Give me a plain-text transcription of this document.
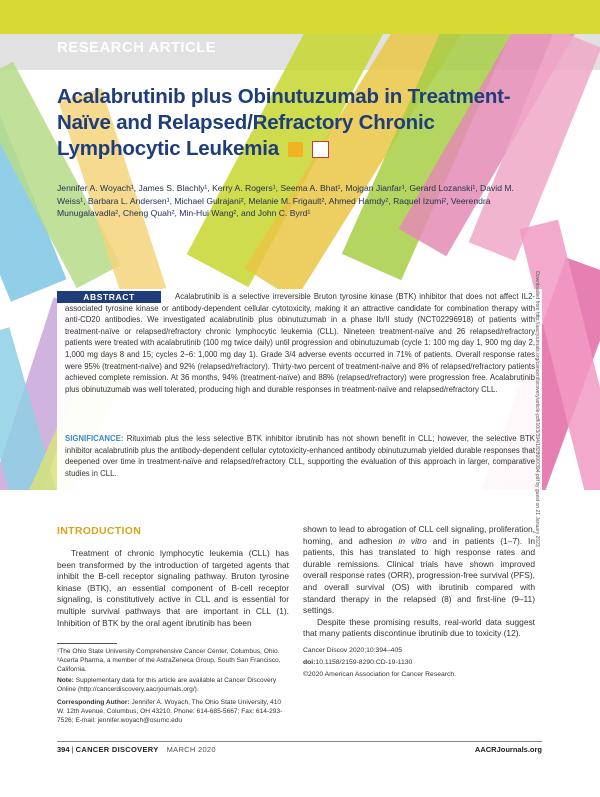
RESEARCH ARTICLE
Acalabrutinib plus Obinutuzumab in Treatment-Naïve and Relapsed/Refractory Chronic Lymphocytic Leukemia
Jennifer A. Woyach¹, James S. Blachly¹, Kerry A. Rogers¹, Seema A. Bhat¹, Mojgan Jianfar¹, Gerard Lozanski¹, David M. Weiss¹, Barbara L. Andersen¹, Michael Gulrajani², Melanie M. Frigault², Ahmed Hamdy², Raquel Izumi², Veerendra Munugalavadla², Cheng Quah², Min-Hui Wang², and John C. Byrd¹
ABSTRACT	Acalabrutinib is a selective irreversible Bruton tyrosine kinase (BTK) inhibitor that does not affect IL2-associated tyrosine kinase or antibody-dependent cellular cytotoxicity, making it an attractive candidate for combination therapy with anti-CD20 antibodies. We investigated acalabrutinib plus obinutuzumab in a phase Ib/II study (NCT02296918) of patients with treatment-naïve or relapsed/refractory chronic lymphocytic leukemia (CLL). Nineteen treatment-naïve and 26 relapsed/refractory patients were treated with acalabrutinib (100 mg twice daily) until progression and obinutuzumab (cycle 1: 100 mg day 1, 900 mg day 2, 1,000 mg days 8 and 15; cycles 2–6: 1,000 mg day 1). Grade 3/4 adverse events occurred in 71% of patients. Overall response rates were 95% (treatment-naïve) and 92% (relapsed/refractory). Thirty-two percent of treatment-naïve and 8% of relapsed/refractory patients achieved complete remission. At 36 months, 94% (treatment-naïve) and 88% (relapsed/refractory) were progression free. Acalabrutinib plus obinutuzumab was well tolerated, producing high and durable responses in treatment-naïve and relapsed/refractory CLL.
SIGNIFICANCE: Rituximab plus the less selective BTK inhibitor ibrutinib has not shown benefit in CLL; however, the selective BTK inhibitor acalabrutinib plus the antibody-dependent cellular cytotoxicity-enhanced antibody obinutuzumab yielded durable responses that deepened over time in treatment-naïve and relapsed/refractory CLL, supporting the evaluation of this approach in larger, comparative studies in CLL.	Downloaded from http://aacrjournals.org/cancerdiscovery/article-pdf/10/3/394/1828990/394.pdf by guest on 21 January 2023
INTRODUCTION
Treatment of chronic lymphocytic leukemia (CLL) has been transformed by the introduction of targeted agents that inhibit the B-cell receptor signaling pathway. Bruton tyrosine kinase (BTK), an essential component of B-cell receptor signaling, is constitutively active in CLL and is essential for multiple survival pathways that are important in CLL (1). Inhibition of BTK by the oral agent ibrutinib has been
shown to lead to abrogation of CLL cell signaling, proliferation, homing, and adhesion in vitro and in patients (1–7). In patients, this has translated to high response rates and durable remissions. Clinical trials have shown improved overall response rates (ORR), progression-free survival (PFS), and overall survival (OS) with ibrutinib compared with standard therapy in the relapsed (8) and first-line (9–11) settings.
Despite these promising results, real-world data suggest that many patients discontinue ibrutinib due to toxicity (12).
¹The Ohio State University Comprehensive Cancer Center, Columbus, Ohio. ²Acerta Pharma, a member of the AstraZeneca Group, South San Francisco, California.
Note: Supplementary data for this article are available at Cancer Discovery Online (http://cancerdiscovery.aacrjournals.org/).
Corresponding Author: Jennifer A. Woyach, The Ohio State University, 410 W. 12th Avenue, Columbus, OH 43210. Phone: 614-685-5667; Fax: 614-293-7526; E-mail: jennifer.woyach@osumc.edu
Cancer Discov 2020;10:394–405
doi:10.1158/2159-8290.CD-19-1130
©2020 American Association for Cancer Research.
394 | CANCER DISCOVERY MARCH 2020	AACRJournals.org
